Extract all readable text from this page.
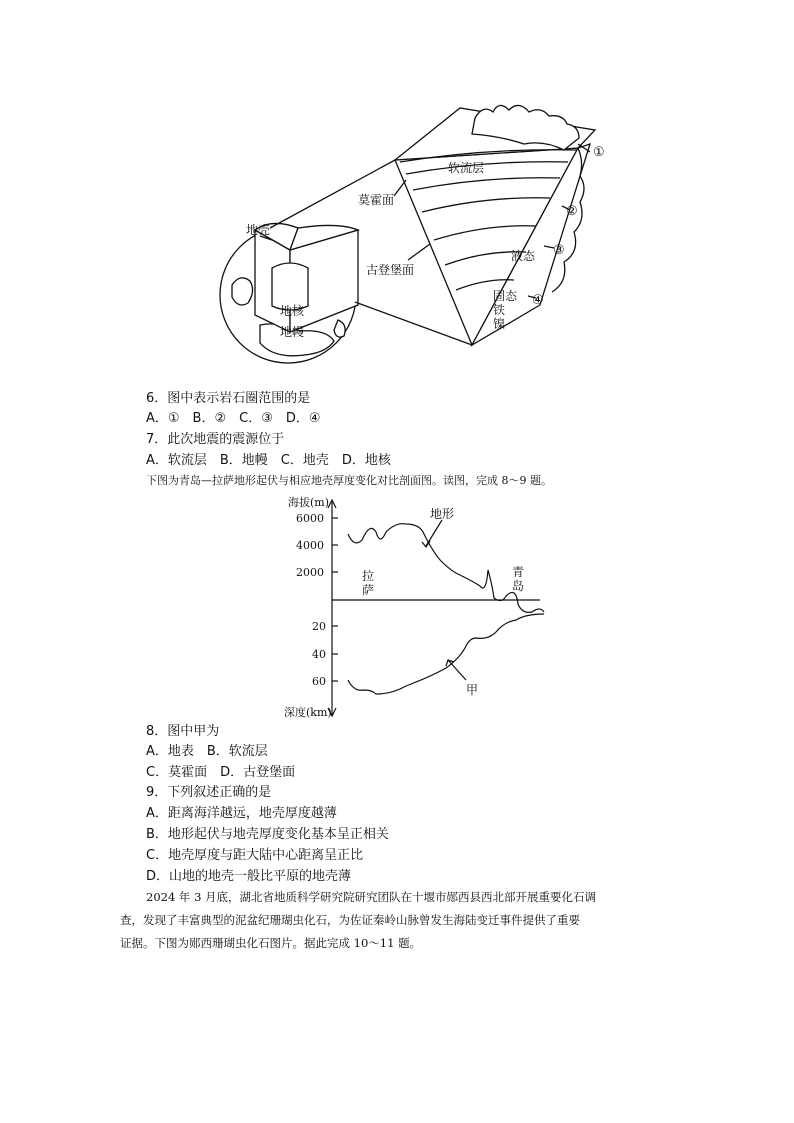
软流层
莫霍面
地壳
古登堡面
液态
固态
铁
镍
地核
地幔
①
②
③
④
6．图中表示岩石圈范围的是
A．①　B．②　C．③　D．④
7．此次地震的震源位于
A．软流层　B．地幔　C．地壳　D．地核
下图为青岛—拉萨地形起伏与相应地壳厚度变化对比剖面图。读图，完成 8～9 题。
海拔(m)
深度(km)
6000
4000
2000
20
40
60
地形
拉
萨
青
岛
甲
8．图中甲为
A．地表　B．软流层
C．莫霍面　D．古登堡面
9．下列叙述正确的是
A．距离海洋越远，地壳厚度越薄
B．地形起伏与地壳厚度变化基本呈正相关
C．地壳厚度与距大陆中心距离呈正比
D．山地的地壳一般比平原的地壳薄
2024 年 3 月底，湖北省地质科学研究院研究团队在十堰市郧西县西北部开展重要化石调
查，发现了丰富典型的泥盆纪珊瑚虫化石，为佐证秦岭山脉曾发生海陆变迁事件提供了重要
证据。下图为郧西珊瑚虫化石图片。据此完成 10～11 题。
